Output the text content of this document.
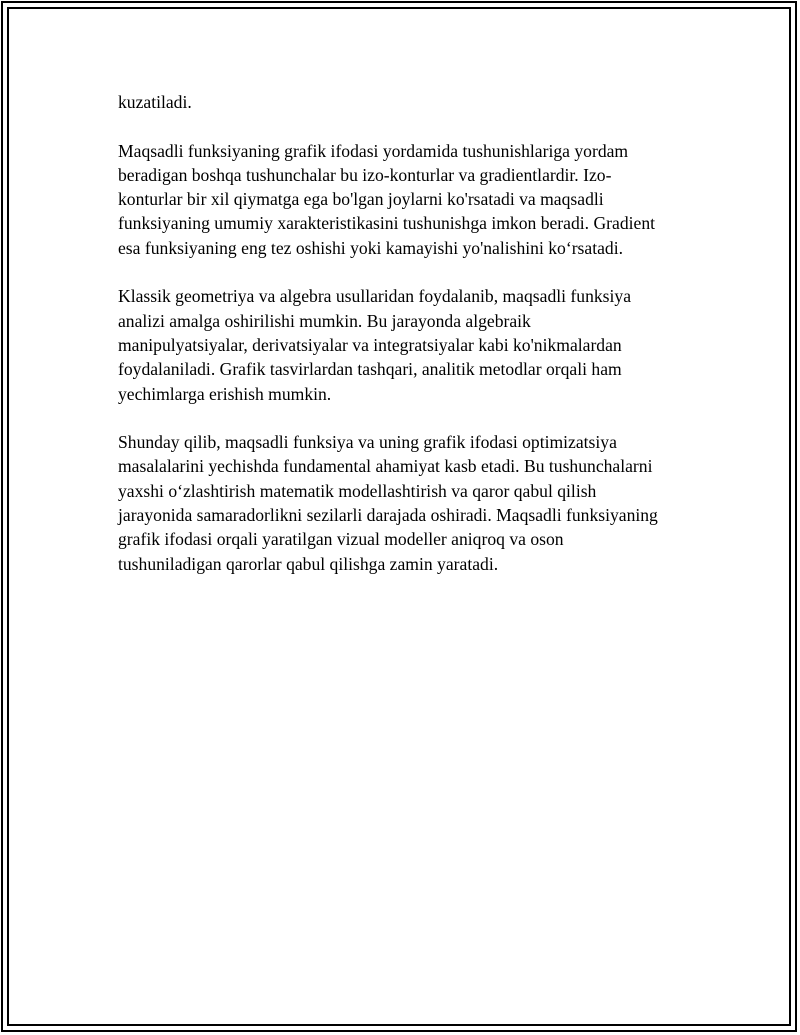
kuzatiladi.

Maqsadli funksiyaning grafik ifodasi yordamida tushunishlariga yordam
beradigan boshqa tushunchalar bu izo-konturlar va gradientlardir. Izo-
konturlar bir xil qiymatga ega bo'lgan joylarni ko'rsatadi va maqsadli
funksiyaning umumiy xarakteristikasini tushunishga imkon beradi. Gradient
esa funksiyaning eng tez oshishi yoki kamayishi yo'nalishini ko‘rsatadi.

Klassik geometriya va algebra usullaridan foydalanib, maqsadli funksiya
analizi amalga oshirilishi mumkin. Bu jarayonda algebraik
manipulyatsiyalar, derivatsiyalar va integratsiyalar kabi ko'nikmalardan
foydalaniladi. Grafik tasvirlardan tashqari, analitik metodlar orqali ham
yechimlarga erishish mumkin.

Shunday qilib, maqsadli funksiya va uning grafik ifodasi optimizatsiya
masalalarini yechishda fundamental ahamiyat kasb etadi. Bu tushunchalarni
yaxshi o‘zlashtirish matematik modellashtirish va qaror qabul qilish
jarayonida samaradorlikni sezilarli darajada oshiradi. Maqsadli funksiyaning
grafik ifodasi orqali yaratilgan vizual modeller aniqroq va oson
tushuniladigan qarorlar qabul qilishga zamin yaratadi.
